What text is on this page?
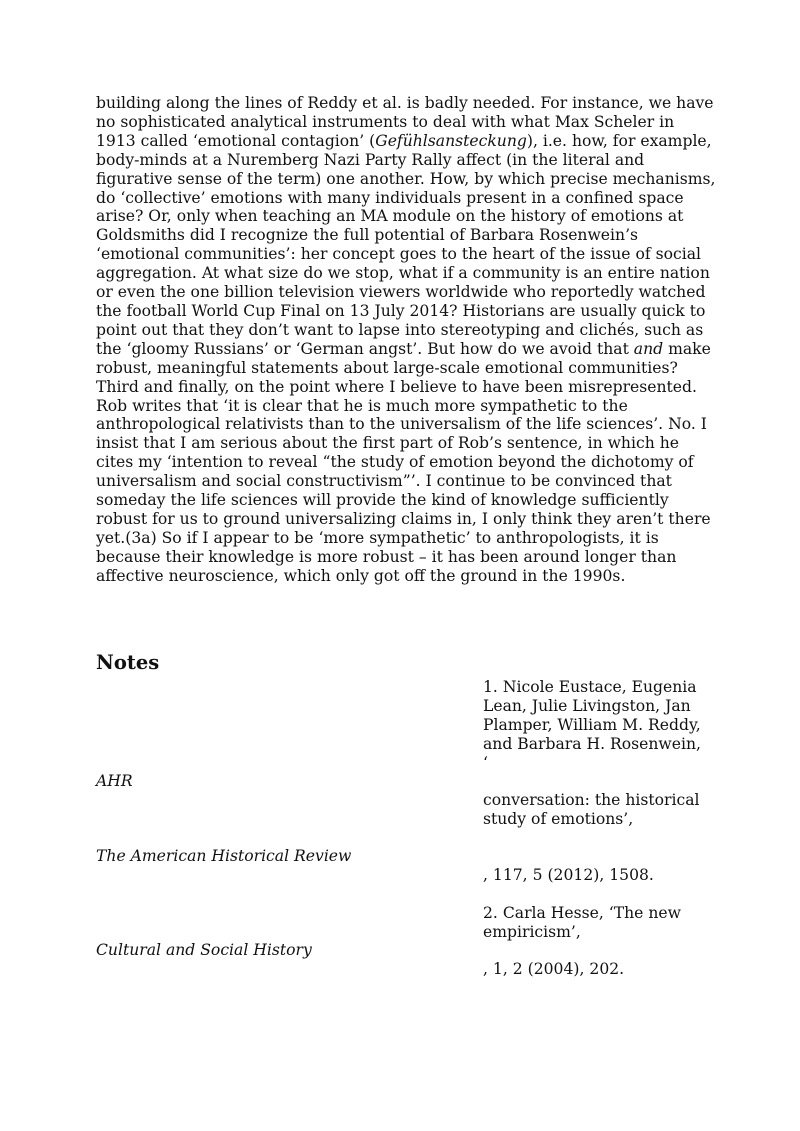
building along the lines of Reddy et al. is badly needed. For instance, we have no sophisticated analytical instruments to deal with what Max Scheler in 1913 called ‘emotional contagion’ (Gefühlsansteckung), i.e. how, for example, body-minds at a Nuremberg Nazi Party Rally affect (in the literal and figurative sense of the term) one another. How, by which precise mechanisms, do ‘collective’ emotions with many individuals present in a confined space arise? Or, only when teaching an MA module on the history of emotions at Goldsmiths did I recognize the full potential of Barbara Rosenwein’s ‘emotional communities’: her concept goes to the heart of the issue of social aggregation. At what size do we stop, what if a community is an entire nation or even the one billion television viewers worldwide who reportedly watched the football World Cup Final on 13 July 2014? Historians are usually quick to point out that they don’t want to lapse into stereotyping and clichés, such as the ‘gloomy Russians’ or ‘German angst’. But how do we avoid that and make robust, meaningful statements about large-scale emotional communities?

Third and finally, on the point where I believe to have been misrepresented. Rob writes that ‘it is clear that he is much more sympathetic to the anthropological relativists than to the universalism of the life sciences’. No. I insist that I am serious about the first part of Rob’s sentence, in which he cites my ‘intention to reveal “the study of emotion beyond the dichotomy of universalism and social constructivism”’. I continue to be convinced that someday the life sciences will provide the kind of knowledge sufficiently robust for us to ground universalizing claims in, I only think they aren’t there yet.(3a) So if I appear to be ‘more sympathetic’ to anthropologists, it is because their knowledge is more robust – it has been around longer than affective neuroscience, which only got off the ground in the 1990s.

Notes
1. Nicole Eustace, Eugenia Lean, Julie Livingston, Jan Plamper, William M. Reddy, and Barbara H. Rosenwein, ‘
AHR
conversation: the historical study of emotions’,
The American Historical Review
, 117, 5 (2012), 1508.
2. Carla Hesse, ‘The new empiricism’,
Cultural and Social History
, 1, 2 (2004), 202.
